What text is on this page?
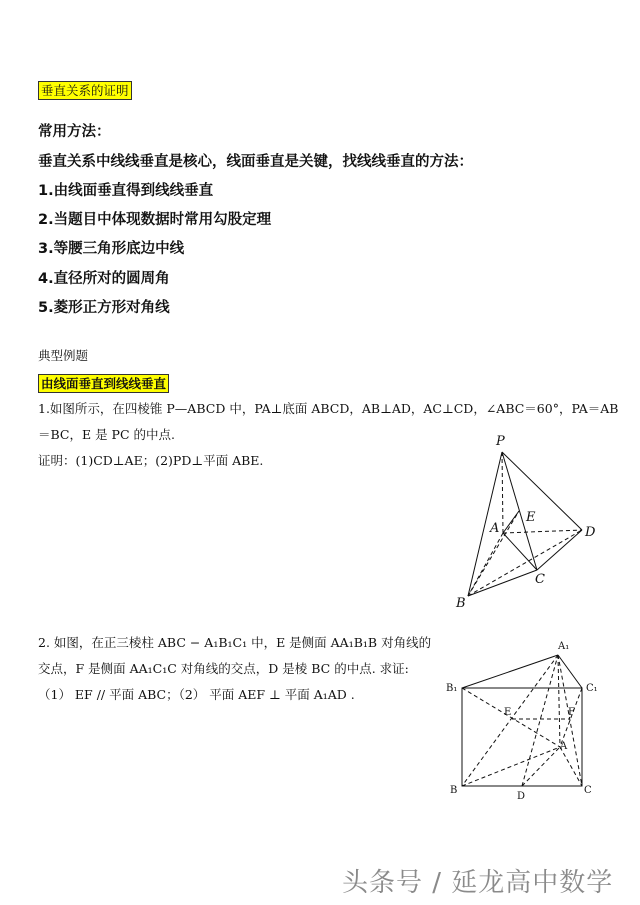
垂直关系的证明
常用方法：
垂直关系中线线垂直是核心，线面垂直是关键，找线线垂直的方法：
1.由线面垂直得到线线垂直
2.当题目中体现数据时常用勾股定理
3.等腰三角形底边中线
4.直径所对的圆周角
5.菱形正方形对角线
典型例题
由线面垂直到线线垂直
1.如图所示，在四棱锥 P—ABCD 中，PA⊥底面 ABCD，AB⊥AD，AC⊥CD，∠ABC＝60°，PA＝AB
＝BC，E 是 PC 的中点.
证明：(1)CD⊥AE；(2)PD⊥平面 ABE.
P
A
E
D
C
B
2. 如图，在正三棱柱 ABC − A₁B₁C₁ 中，E 是侧面 AA₁B₁B 对角线的
交点，F 是侧面 AA₁C₁C 对角线的交点，D 是棱 BC 的中点. 求证:
（1） EF // 平面 ABC；（2） 平面 AEF ⊥ 平面 A₁AD .
A₁
B₁	C₁
E	F
A
B
D
C
头条号 / 延龙高中数学
